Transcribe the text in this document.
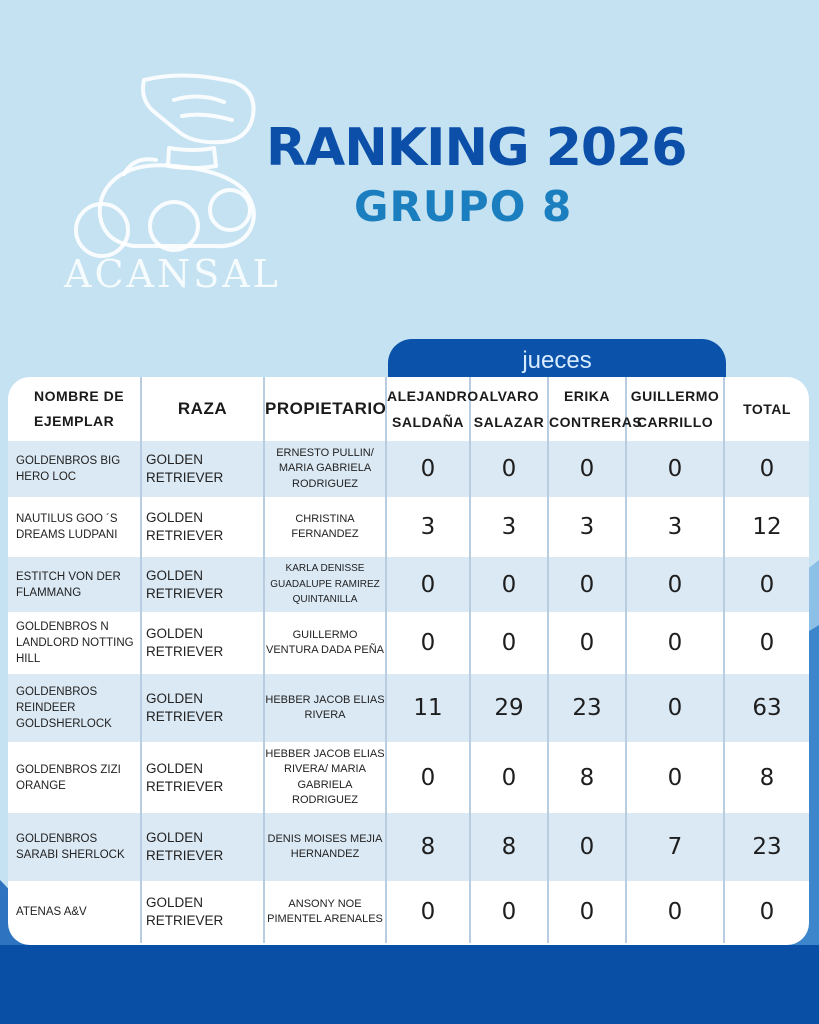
ACANSAL
RANKING 2026
GRUPO 8
jueces
NOMBRE DE EJEMPLAR	RAZA	PROPIETARIO	ALEJANDRO SALDAÑA	ALVARO SALAZAR	ERIKA CONTRERAS	GUILLERMO CARRILLO	TOTAL
GOLDENBROS BIG HERO LOC	GOLDEN RETRIEVER	ERNESTO PULLIN/ MARIA GABRIELA RODRIGUEZ	0	0	0	0	0
NAUTILUS GOO ´S DREAMS LUDPANI	GOLDEN RETRIEVER	CHRISTINA FERNANDEZ	3	3	3	3	12
ESTITCH VON DER FLAMMANG	GOLDEN RETRIEVER	KARLA DENISSE GUADALUPE RAMIREZ QUINTANILLA	0	0	0	0	0
GOLDENBROS N LANDLORD NOTTING HILL	GOLDEN RETRIEVER	GUILLERMO VENTURA DADA PEÑA	0	0	0	0	0
GOLDENBROS REINDEER GOLDSHERLOCK	GOLDEN RETRIEVER	HEBBER JACOB ELIAS RIVERA	11	29	23	0	63
GOLDENBROS ZIZI ORANGE	GOLDEN RETRIEVER	HEBBER JACOB ELIAS RIVERA/ MARIA GABRIELA RODRIGUEZ	0	0	8	0	8
GOLDENBROS SARABI SHERLOCK	GOLDEN RETRIEVER	DENIS MOISES MEJIA HERNANDEZ	8	8	0	7	23
ATENAS A&V	GOLDEN RETRIEVER	ANSONY NOE PIMENTEL ARENALES	0	0	0	0	0
